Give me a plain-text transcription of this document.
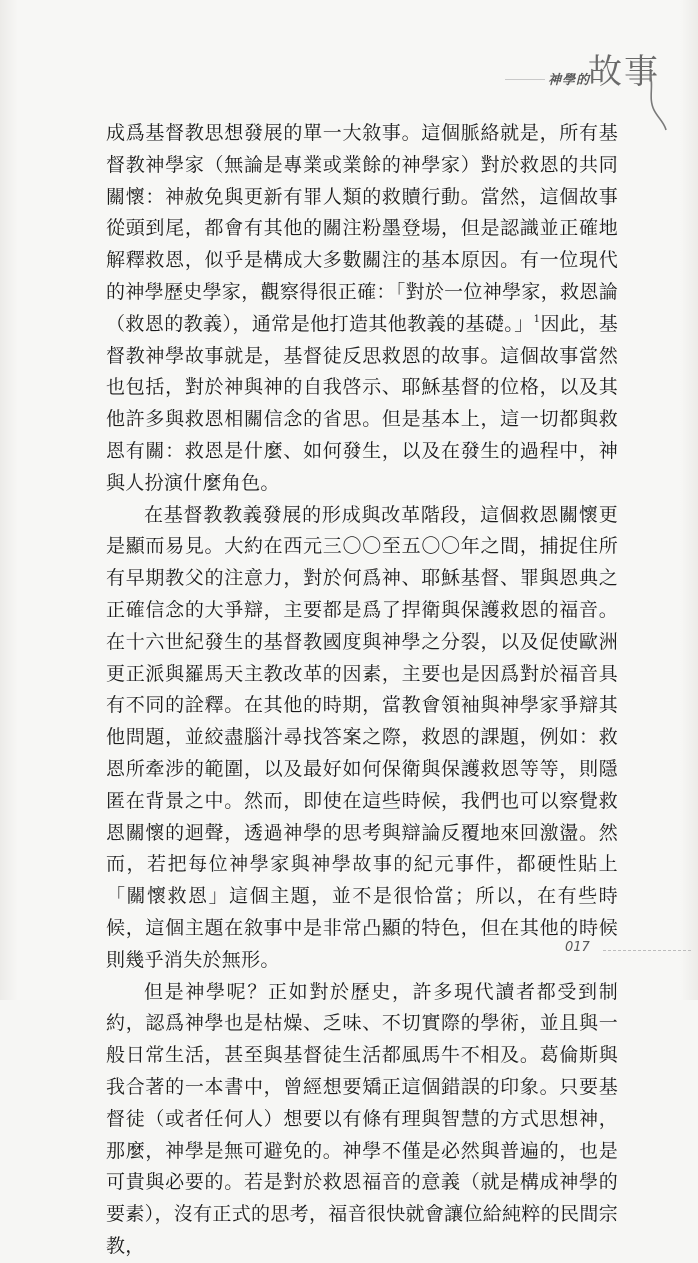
神學的
故事

成爲基督教思想發展的單一大敘事。這個脈絡就是，所有基督教神學家（無論是專業或業餘的神學家）對於救恩的共同關懷：神赦免與更新有罪人類的救贖行動。當然，這個故事從頭到尾，都會有其他的關注粉墨登場，但是認識並正確地解釋救恩，似乎是構成大多數關注的基本原因。有一位現代的神學歷史學家，觀察得很正確：「對於一位神學家，救恩論（救恩的教義），通常是他打造其他教義的基礎。」$^1$因此，基督教神學故事就是，基督徒反思救恩的故事。這個故事當然也包括，對於神與神的自我啓示、耶穌基督的位格，以及其他許多與救恩相關信念的省思。但是基本上，這一切都與救恩有關：救恩是什麼、如何發生，以及在發生的過程中，神與人扮演什麼角色。

在基督教教義發展的形成與改革階段，這個救恩關懷更是顯而易見。大約在西元三〇〇至五〇〇年之間，捕捉住所有早期教父的注意力，對於何爲神、耶穌基督、罪與恩典之正確信念的大爭辯，主要都是爲了捍衛與保護救恩的福音。在十六世紀發生的基督教國度與神學之分裂，以及促使歐洲更正派與羅馬天主教改革的因素，主要也是因爲對於福音具有不同的詮釋。在其他的時期，當教會領袖與神學家爭辯其他問題，並絞盡腦汁尋找答案之際，救恩的課題，例如：救恩所牽涉的範圍，以及最好如何保衛與保護救恩等等，則隱匿在背景之中。然而，即使在這些時候，我們也可以察覺救恩關懷的迴聲，透過神學的思考與辯論反覆地來回激盪。然而，若把每位神學家與神學故事的紀元事件，都硬性貼上「關懷救恩」這個主題，並不是很恰當；所以，在有些時候，這個主題在敘事中是非常凸顯的特色，但在其他的時候則幾乎消失於無形。

但是神學呢？正如對於歷史，許多現代讀者都受到制約，認爲神學也是枯燥、乏味、不切實際的學術，並且與一般日常生活，甚至與基督徒生活都風馬牛不相及。葛倫斯與我合著的一本書中，曾經想要矯正這個錯誤的印象。只要基督徒（或者任何人）想要以有條有理與智慧的方式思想神，那麼，神學是無可避免的。神學不僅是必然與普遍的，也是可貴與必要的。若是對於救恩福音的意義（就是構成神學的要素），沒有正式的思考，福音很快就會讓位給純粹的民間宗教，

017
